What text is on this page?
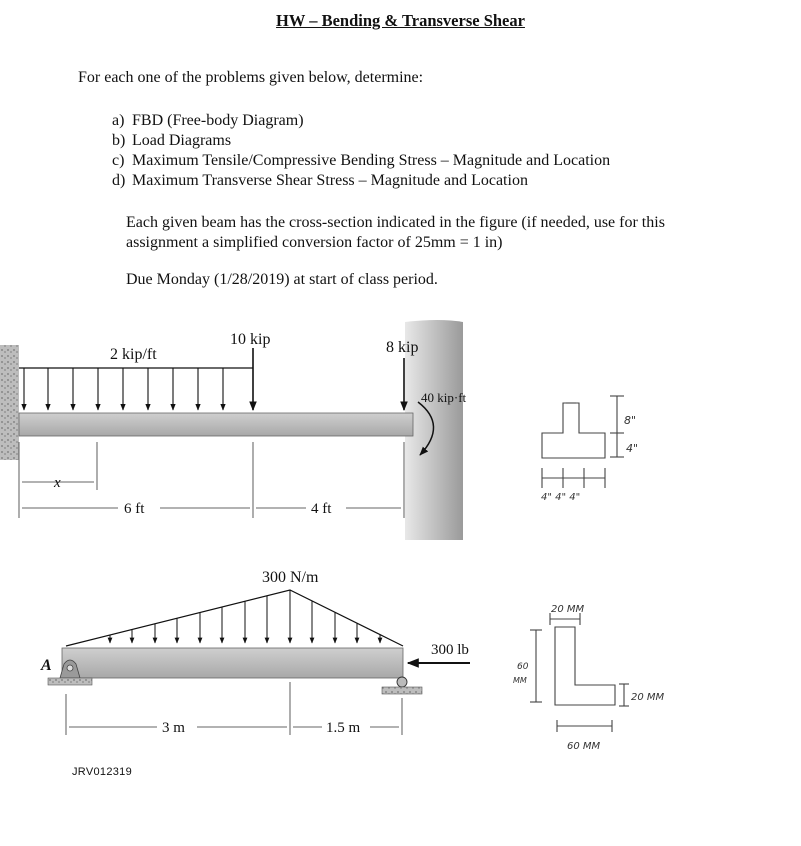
HW – Bending & Transverse Shear
For each one of the problems given below, determine:
a) FBD (Free-body Diagram)
b) Load Diagrams
c) Maximum Tensile/Compressive Bending Stress – Magnitude and Location
d) Maximum Transverse Shear Stress – Magnitude and Location
Each given beam has the cross-section indicated in the figure (if needed, use for this
assignment a simplified conversion factor of 25mm = 1 in)
Due Monday (1/28/2019) at start of class period.
2 kip/ft
10 kip	8 kip
40 kip·ft
x
6 ft	4 ft
8"
4"
4" 4" 4"
300 N/m
A
300 lb
3 m	1.5 m
20 MM
60
MM
20 MM
60 MM
JRV012319
